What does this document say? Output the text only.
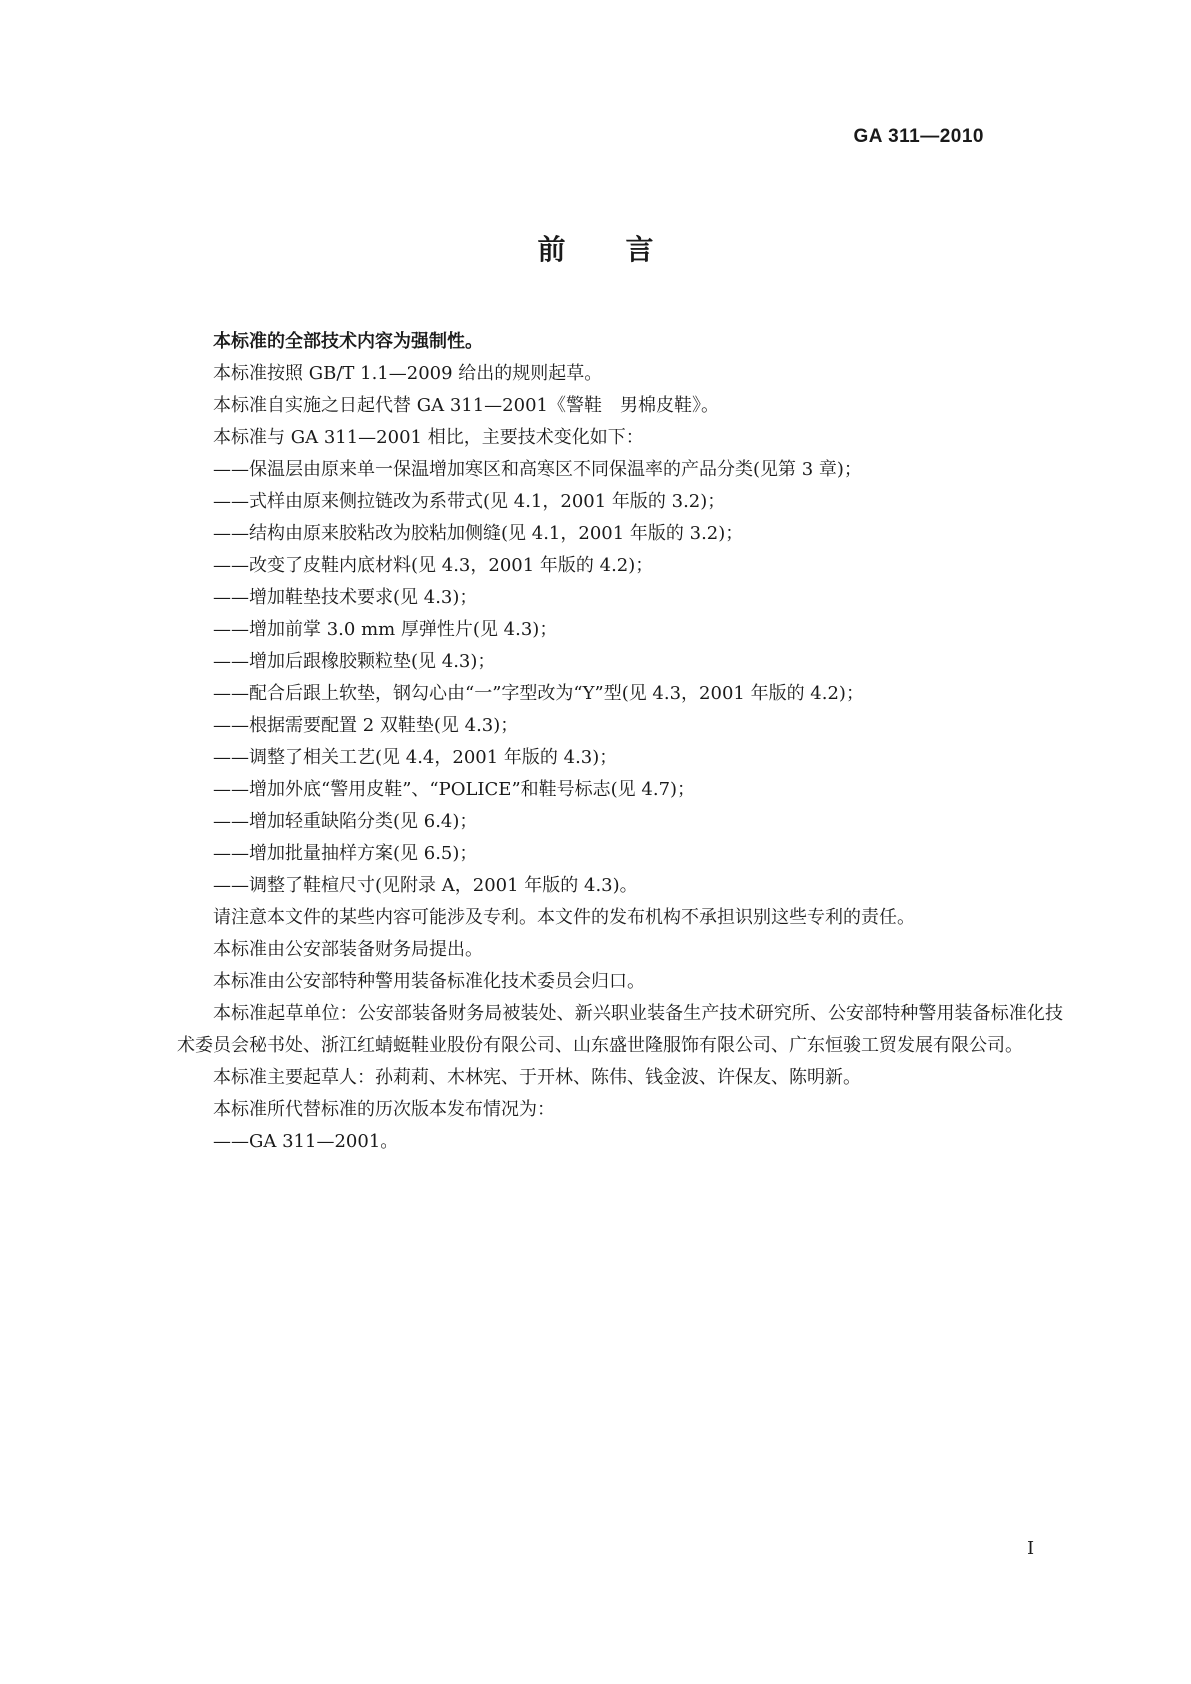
GA 311—2010
前言

本标准的全部技术内容为强制性。

本标准按照 GB/T 1.1—2009 给出的规则起草。

本标准自实施之日起代替 GA 311—2001《警鞋　男棉皮鞋》。

本标准与 GA 311—2001 相比，主要技术变化如下：

——保温层由原来单一保温增加寒区和高寒区不同保温率的产品分类(见第 3 章)；

——式样由原来侧拉链改为系带式(见 4.1，2001 年版的 3.2)；

——结构由原来胶粘改为胶粘加侧缝(见 4.1，2001 年版的 3.2)；

——改变了皮鞋内底材料(见 4.3，2001 年版的 4.2)；

——增加鞋垫技术要求(见 4.3)；

——增加前掌 3.0 mm 厚弹性片(见 4.3)；

——增加后跟橡胶颗粒垫(见 4.3)；

——配合后跟上软垫，钢勾心由“一”字型改为“Y”型(见 4.3，2001 年版的 4.2)；

——根据需要配置 2 双鞋垫(见 4.3)；

——调整了相关工艺(见 4.4，2001 年版的 4.3)；

——增加外底“警用皮鞋”、“POLICE”和鞋号标志(见 4.7)；

——增加轻重缺陷分类(见 6.4)；

——增加批量抽样方案(见 6.5)；

——调整了鞋楦尺寸(见附录 A，2001 年版的 4.3)。

请注意本文件的某些内容可能涉及专利。本文件的发布机构不承担识别这些专利的责任。

本标准由公安部装备财务局提出。

本标准由公安部特种警用装备标准化技术委员会归口。

本标准起草单位：公安部装备财务局被装处、新兴职业装备生产技术研究所、公安部特种警用装备标准化技术委员会秘书处、浙江红蜻蜓鞋业股份有限公司、山东盛世隆服饰有限公司、广东恒骏工贸发展有限公司。

本标准主要起草人：孙莉莉、木林宪、于开林、陈伟、钱金波、许保友、陈明新。

本标准所代替标准的历次版本发布情况为：

——GA 311—2001。

I
